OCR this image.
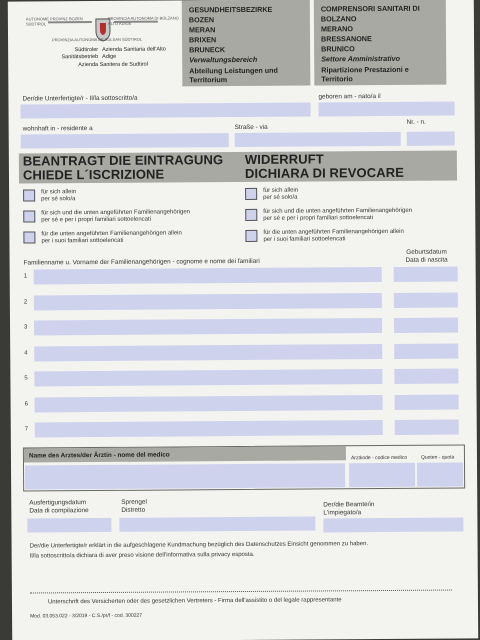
AUTONOME PROVINZ BOZEN SÜDTIROL
PROVINCIA AUTONOMA DI BOLZANO ALTO ADIGE
PROVINZIA AUTONOMA DE BULSAN SÜDTIROL
Südtiroler Sanitätsbetrieb
Azienda Sanitaria dell'Alto Adige
Azienda Sanitera de Sudtirol
GESUNDHEITSBEZIRKE
BOZEN
MERAN
BRIXEN
BRUNECK
Verwaltungsbereich
Abteilung Leistungen und Territorium
COMPRENSORI SANITARI DI
BOLZANO
MERANO
BRESSANONE
BRUNICO
Settore Amministrativo
Ripartizione Prestazioni e Territorio
Der/die Unterfertigte/r - Il/la sottoscritto/a	geboren am - nato/a il
wohnhaft in - residente a	Straße - via
Nr. - n.
BEANTRAGT DIE EINTRAGUNG
CHIEDE L´ISCRIZIONE
WIDERRUFT
DICHIARA DI REVOCARE
für sich allein
per sé solo/a
für sich und die unten angeführten Familienangehörigen
per sé e per i propri familiari sottoelencati
für die unten angeführten Familienangehörigen allein
per i suoi familiari sottoelencati
für sich allein
per sé solo/a
für sich und die unten angeführten Familienangehörigen
per sé e per i propri familiari sottoelencati
für die unten angeführten Familienangehörigen allein
per i suoi familiari sottoelencati
Familienname u. Vorname der Familienangehörigen - cognome e nome dei familiari
Geburtsdatum
Data di nascita
1
2
3
4
5
6
7
Name des Arztes/der Ärztin - nome del medico	Arztkode - codice medico	Quoten - quota
Ausfertigungsdatum
Data di compilazione
Sprengel
Distretto
Der/die Beamte/in
L'impiegato/a
Der/die Unterfertigte/r erklärt in die aufgeschlagene Kundmachung bezüglich des Datenschutzes Einsicht genommen zu haben.
Il/la sottoscritto/a dichiara di aver preso visione dell'informativa sulla privacy esposta.
Unterschrift des Versicherten oder des gesetzlichen Vertreters - Firma dell'assistito o del legale rappresentante
Mod. 03.053.022 - 3/2019 - C.S./pr/f - cod. 300227
